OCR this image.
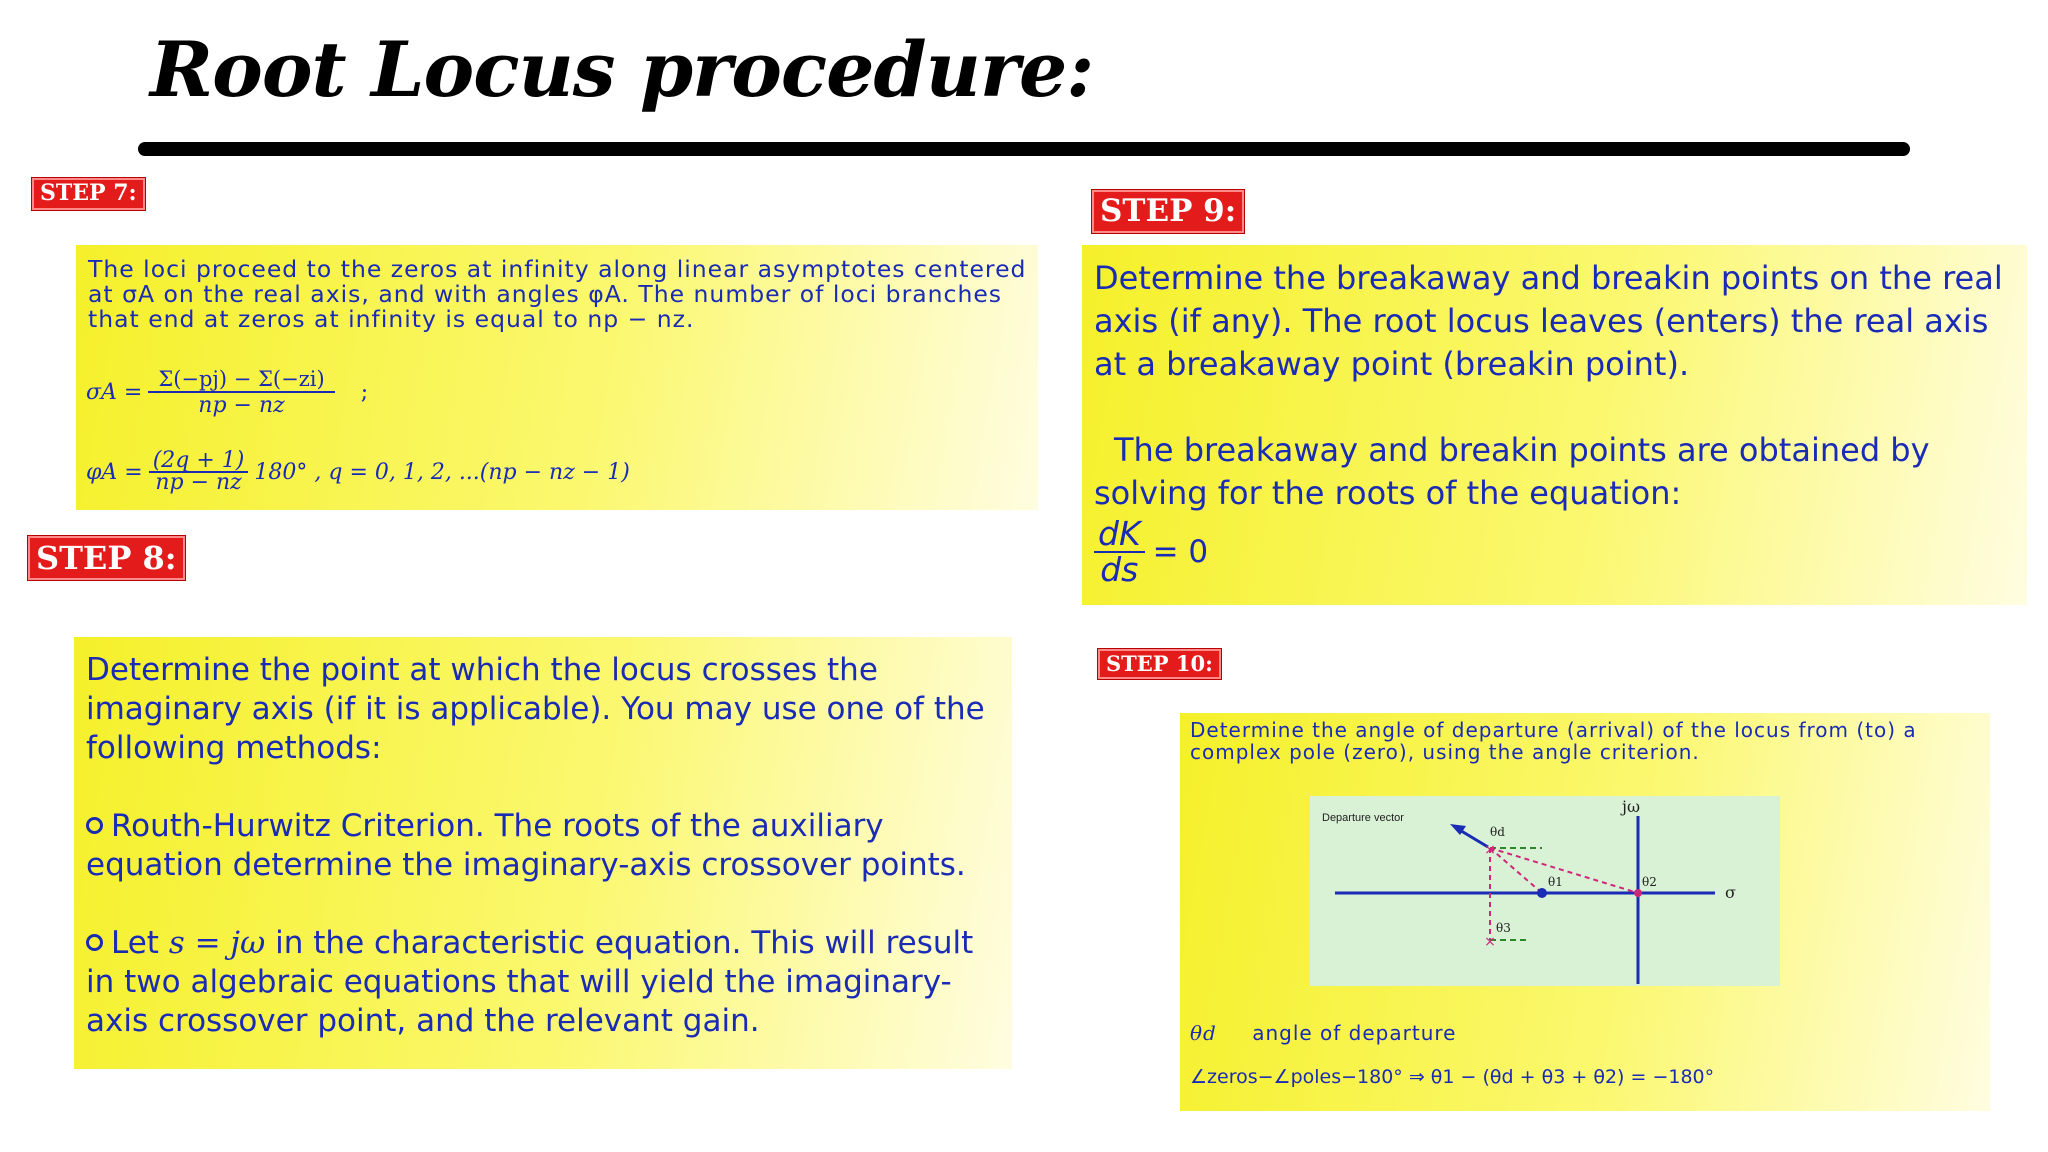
Root Locus procedure:
STEP 7:

The loci proceed to the zeros at infinity along linear asymptotes centered at σA on the real axis, and with angles φA. The number of loci branches that end at zeros at infinity is equal to np − nz.

$\sigma A = \frac{\Sigma(-pj) - \Sigma(-zi)}{np - nz}$ ;
$\varphi A = \frac{(2q + 1)}{np - nz} 180^\circ$ , q = 0, 1, 2, ...(np − nz − 1)
STEP 8:

Determine the point at which the locus crosses the imaginary axis (if it is applicable). You may use one of the following methods:

Routh-Hurwitz Criterion. The roots of the auxiliary equation determine the imaginary-axis crossover points.

Let s = jω in the characteristic equation. This will result in two algebraic equations that will yield the imaginary-axis crossover point, and the relevant gain.

STEP 9:

Determine the breakaway and breakin points on the real axis (if any). The root locus leaves (enters) the real axis at a breakaway point (breakin point).

The breakaway and breakin points are obtained by solving for the roots of the equation:

$\frac{dK}{ds} = 0$
STEP 10:

Determine the angle of departure (arrival) of the locus from (to) a complex pole (zero), using the angle criterion.

×
×
Departure vector
jω
σ
θd
θ1	θ2
θ3
θd angle of departure
∠zeros−∠poles−180° ⇒ θ1 − (θd + θ3 + θ2) = −180°
